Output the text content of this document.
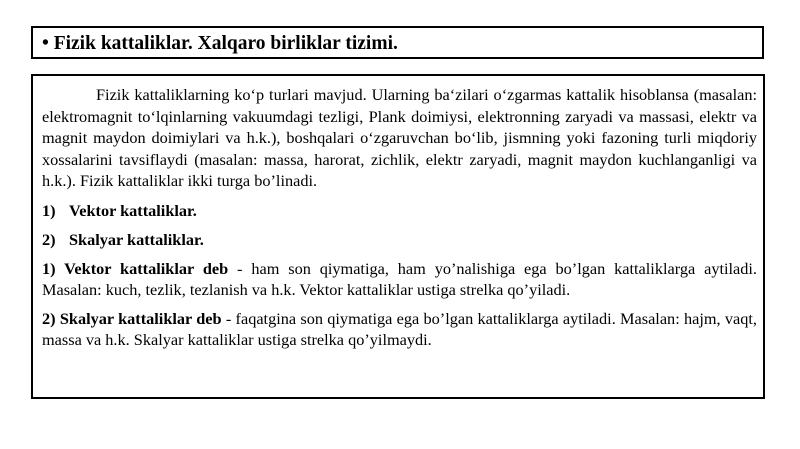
• Fizik kattaliklar. Xalqaro birliklar tizimi.

Fizik kattaliklarning ko‘p turlari mavjud. Ularning ba‘zilari o‘zgarmas kattalik hisoblansa (masalan: elektromagnit to‘lqinlarning vakuumdagi tezligi, Plank doimiysi, elektronning zaryadi va massasi, elektr va magnit maydon doimiylari va h.k.), boshqalari o‘zgaruvchan bo‘lib, jismning yoki fazoning turli miqdoriy xossalarini tavsiflaydi (masalan: massa, harorat, zichlik, elektr zaryadi, magnit maydon kuchlanganligi va h.k.). Fizik kattaliklar ikki turga bo’linadi.

1) Vektor kattaliklar.

2) Skalyar kattaliklar.

1) Vektor kattaliklar deb - ham son qiymatiga, ham yo’nalishiga ega bo’lgan kattaliklarga aytiladi. Masalan: kuch, tezlik, tezlanish va h.k. Vektor kattaliklar ustiga strelka qo’yiladi.

2) Skalyar kattaliklar deb - faqatgina son qiymatiga ega bo’lgan kattaliklarga aytiladi. Masalan: hajm, vaqt, massa va h.k. Skalyar kattaliklar ustiga strelka qo’yilmaydi.
